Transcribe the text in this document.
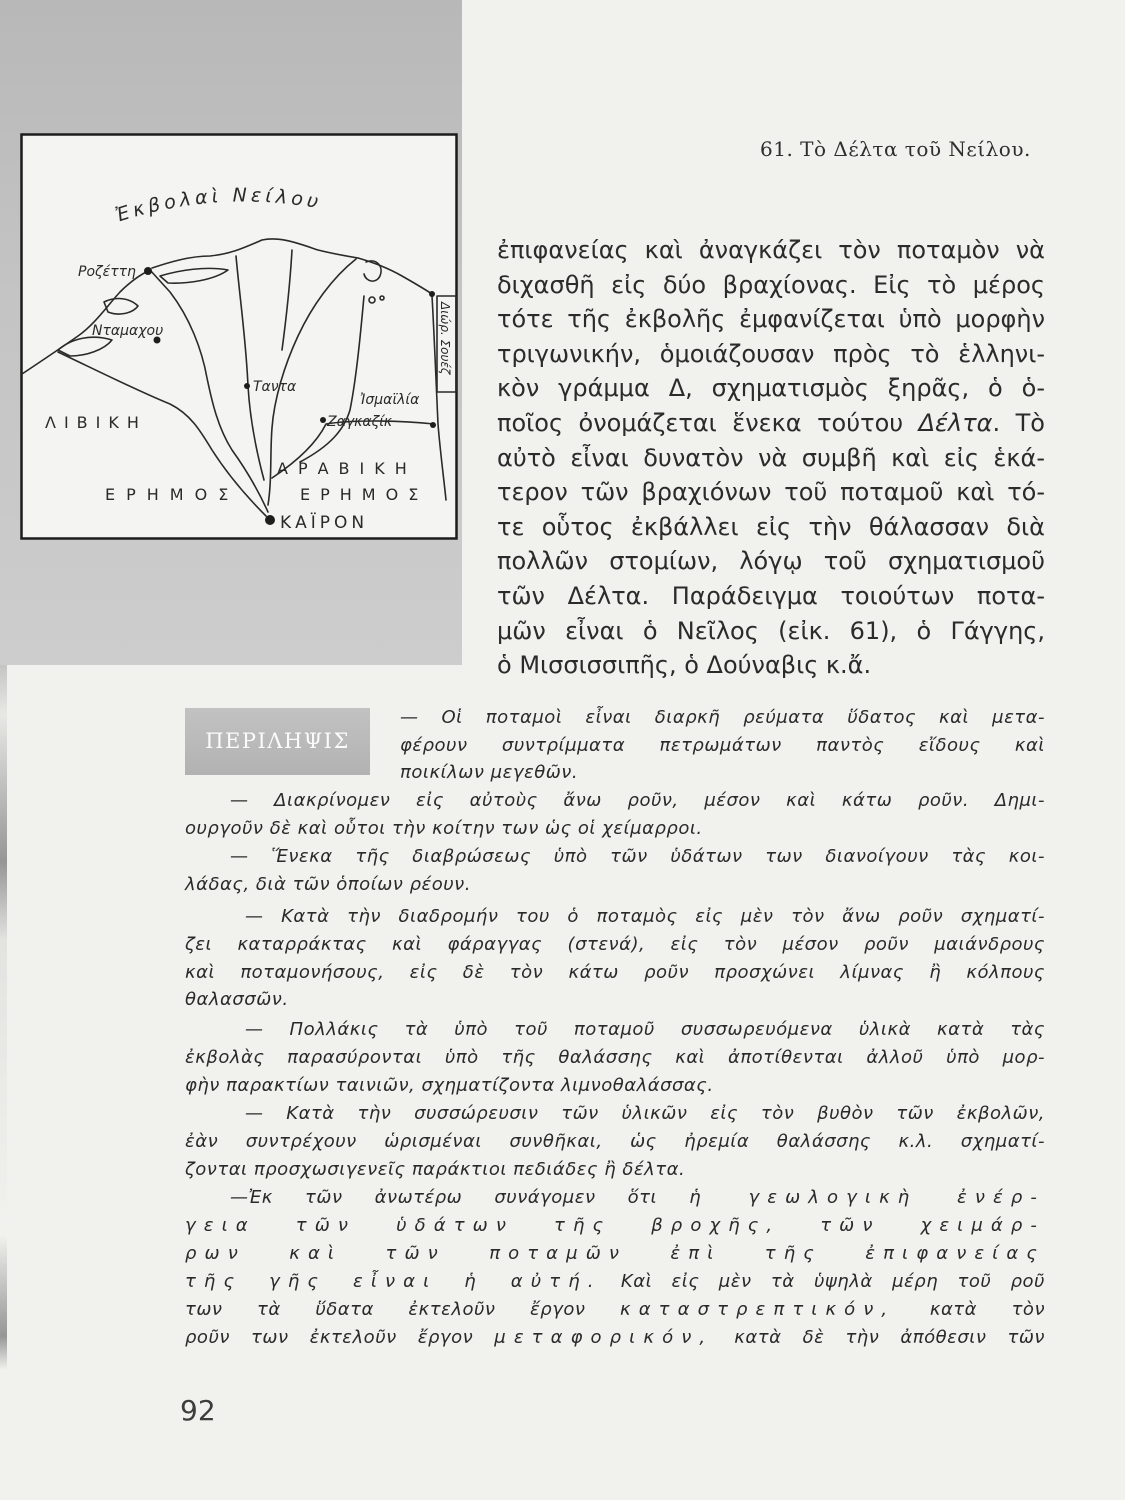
Ἐκβολαὶ Νείλου
Ροζέττη
Νταμαχου
Ταντα
Ἰσμαϊλία
Ζαγκαζίκ
Διώρ. Σουέζ
ΛΙΒΙΚΗ
ΕΡΗΜΟΣ
ΑΡΑΒΙΚΗ
ΕΡΗΜΟΣ
ΚΑΪΡΟΝ
61. Τὸ Δέλτα τοῦ Νείλου.
ἐπιφανείας καὶ ἀναγκάζει τὸν ποταμὸν νὰ
διχασθῆ εἰς δύο βραχίονας. Εἰς τὸ μέρος
τότε τῆς ἐκβολῆς ἐμφανίζεται ὑπὸ μορφὴν
τριγωνικήν, ὁμοιάζουσαν πρὸς τὸ ἑλληνι-
κὸν γράμμα Δ, σχηματισμὸς ξηρᾶς, ὁ ὁ-
ποῖος ὀνομάζεται ἕνεκα τούτου Δέλτα. Τὸ
αὐτὸ εἶναι δυνατὸν νὰ συμβῆ καὶ εἰς ἑκά-
τερον τῶν βραχιόνων τοῦ ποταμοῦ καὶ τό-
τε οὗτος ἐκβάλλει εἰς τὴν θάλασσαν διὰ
πολλῶν στομίων, λόγῳ τοῦ σχηματισμοῦ
τῶν Δέλτα. Παράδειγμα τοιούτων ποτα-
μῶν εἶναι ὁ Νεῖλος (εἰκ. 61), ὁ Γάγγης,
ὁ Μισσισσιπῆς, ὁ Δούναβις κ.ἄ.
ΠΕΡΙΛΗΨΙΣ
— Οἱ ποταμοὶ εἶναι διαρκῆ ρεύματα ὕδατος καὶ μετα-
φέρουν συντρίμματα πετρωμάτων παντὸς εἴδους καὶ
ποικίλων μεγεθῶν.
— Διακρίνομεν εἰς αὐτοὺς ἄνω ροῦν, μέσον καὶ κάτω ροῦν. Δημι-
ουργοῦν δὲ καὶ οὗτοι τὴν κοίτην των ὡς οἱ χείμαρροι.
— Ἕνεκα τῆς διαβρώσεως ὑπὸ τῶν ὑδάτων των διανοίγουν τὰς κοι-
λάδας, διὰ τῶν ὁποίων ρέουν.
— Κατὰ τὴν διαδρομήν του ὁ ποταμὸς εἰς μὲν τὸν ἄνω ροῦν σχηματί-
ζει καταρράκτας καὶ φάραγγας (στενά), εἰς τὸν μέσον ροῦν μαιάνδρους
καὶ ποταμονήσους, εἰς δὲ τὸν κάτω ροῦν προσχώνει λίμνας ἢ κόλπους
θαλασσῶν.
— Πολλάκις τὰ ὑπὸ τοῦ ποταμοῦ συσσωρευόμενα ὑλικὰ κατὰ τὰς
ἐκβολὰς παρασύρονται ὑπὸ τῆς θαλάσσης καὶ ἀποτίθενται ἀλλοῦ ὑπὸ μορ-
φὴν παρακτίων ταινιῶν, σχηματίζοντα λιμνοθαλάσσας.
— Κατὰ τὴν συσσώρευσιν τῶν ὑλικῶν εἰς τὸν βυθὸν τῶν ἐκβολῶν,
ἐὰν συντρέχουν ὡρισμέναι συνθῆκαι, ὡς ἠρεμία θαλάσσης κ.λ. σχηματί-
ζονται προσχωσιγενεῖς παράκτιοι πεδιάδες ἢ δέλτα.
—Ἐκ τῶν ἀνωτέρω συνάγομεν ὅτι ἡ γεωλογικὴ ἐνέρ-
γεια τῶν ὑδάτων τῆς βροχῆς, τῶν χειμάρ-
ρων καὶ τῶν ποταμῶν ἐπὶ τῆς ἐπιφανείας
τῆς γῆς εἶναι ἡ αὐτή. Καὶ εἰς μὲν τὰ ὑψηλὰ μέρη τοῦ ροῦ
των τὰ ὕδατα ἐκτελοῦν ἔργον καταστρεπτικόν, κατὰ τὸν
ροῦν των ἐκτελοῦν ἔργον μεταφορικόν, κατὰ δὲ τὴν ἀπόθεσιν τῶν
92
